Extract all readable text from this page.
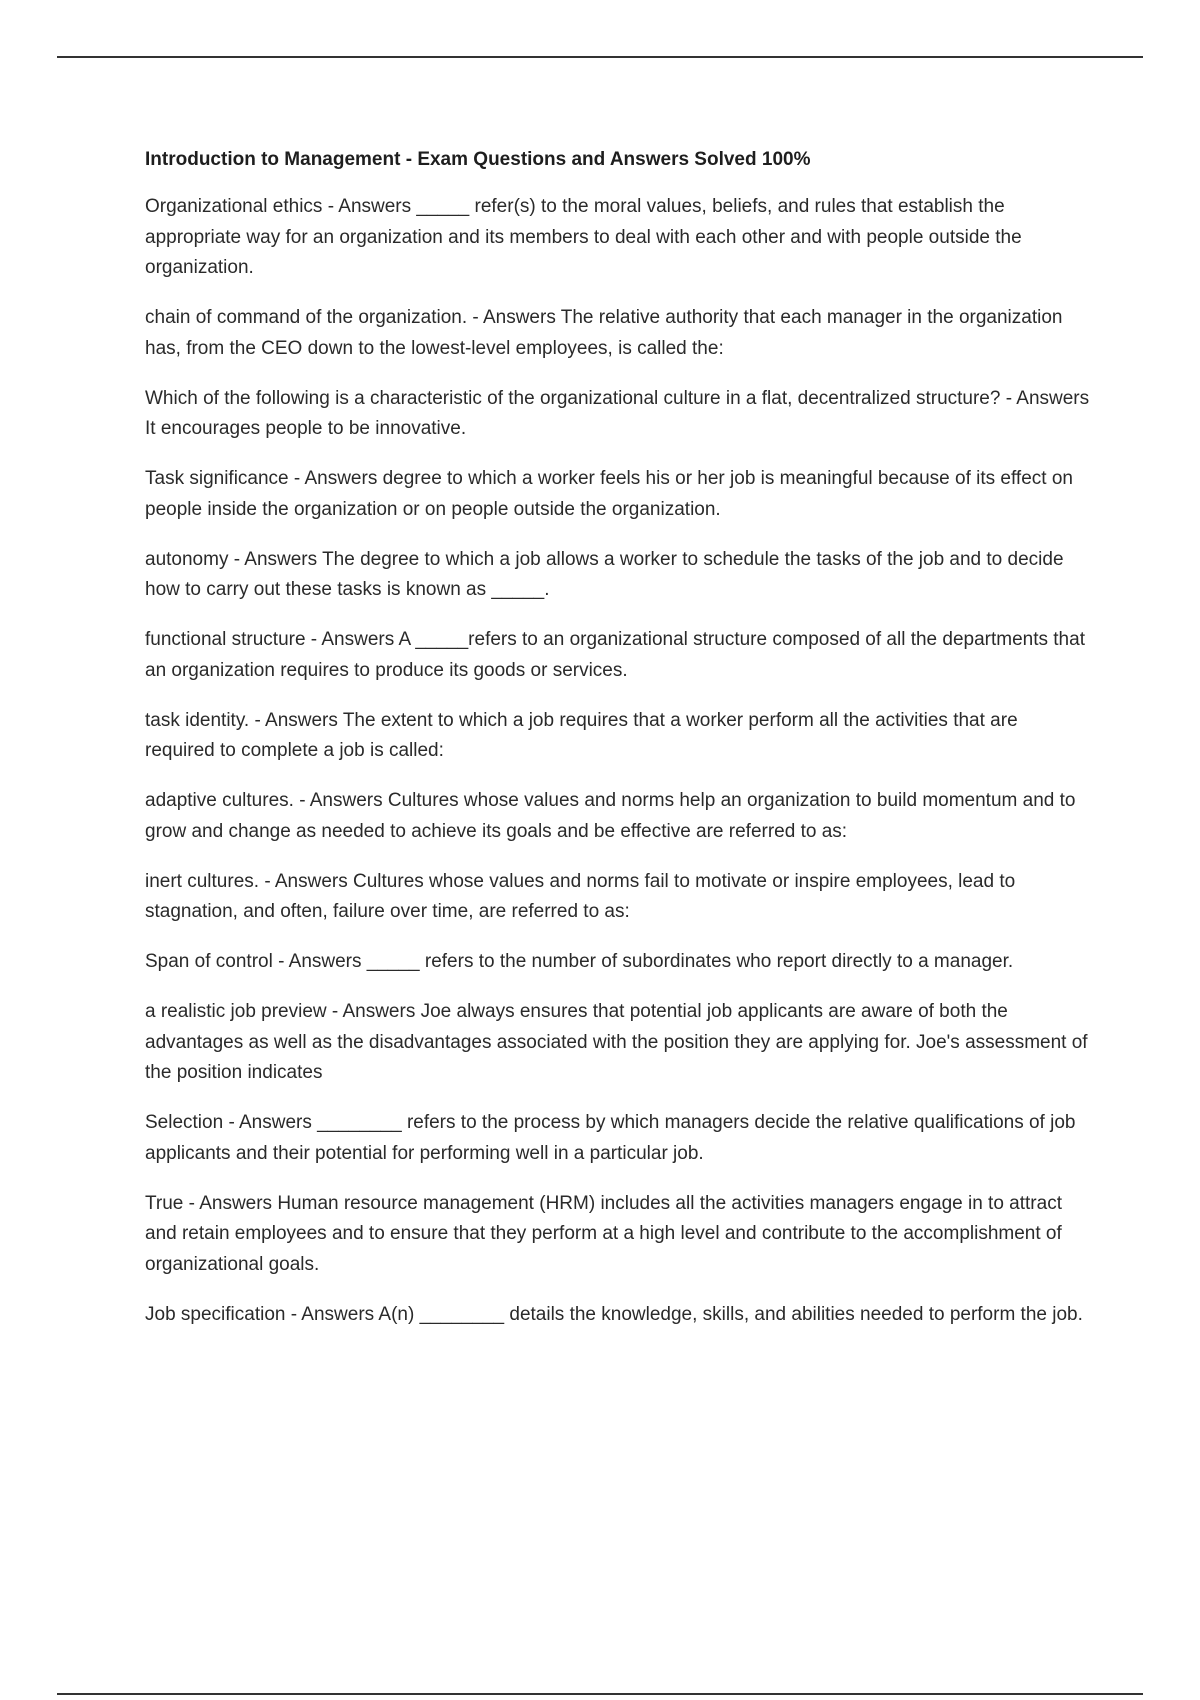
Introduction to Management - Exam Questions and Answers Solved 100%

Organizational ethics - Answers _____ refer(s) to the moral values, beliefs, and rules that establish the appropriate way for an organization and its members to deal with each other and with people outside the organization.

chain of command of the organization. - Answers The relative authority that each manager in the organization has, from the CEO down to the lowest-level employees, is called the:

Which of the following is a characteristic of the organizational culture in a flat, decentralized structure? - Answers It encourages people to be innovative.

Task significance - Answers degree to which a worker feels his or her job is meaningful because of its effect on people inside the organization or on people outside the organization.

autonomy - Answers The degree to which a job allows a worker to schedule the tasks of the job and to decide how to carry out these tasks is known as _____.

functional structure - Answers A _____refers to an organizational structure composed of all the departments that an organization requires to produce its goods or services.

task identity. - Answers The extent to which a job requires that a worker perform all the activities that are required to complete a job is called:

adaptive cultures. - Answers Cultures whose values and norms help an organization to build momentum and to grow and change as needed to achieve its goals and be effective are referred to as:

inert cultures. - Answers Cultures whose values and norms fail to motivate or inspire employees, lead to stagnation, and often, failure over time, are referred to as:

Span of control - Answers _____ refers to the number of subordinates who report directly to a manager.

a realistic job preview - Answers Joe always ensures that potential job applicants are aware of both the advantages as well as the disadvantages associated with the position they are applying for. Joe's assessment of the position indicates

Selection - Answers ________ refers to the process by which managers decide the relative qualifications of job applicants and their potential for performing well in a particular job.

True - Answers Human resource management (HRM) includes all the activities managers engage in to attract and retain employees and to ensure that they perform at a high level and contribute to the accomplishment of organizational goals.

Job specification - Answers A(n) ________ details the knowledge, skills, and abilities needed to perform the job.
